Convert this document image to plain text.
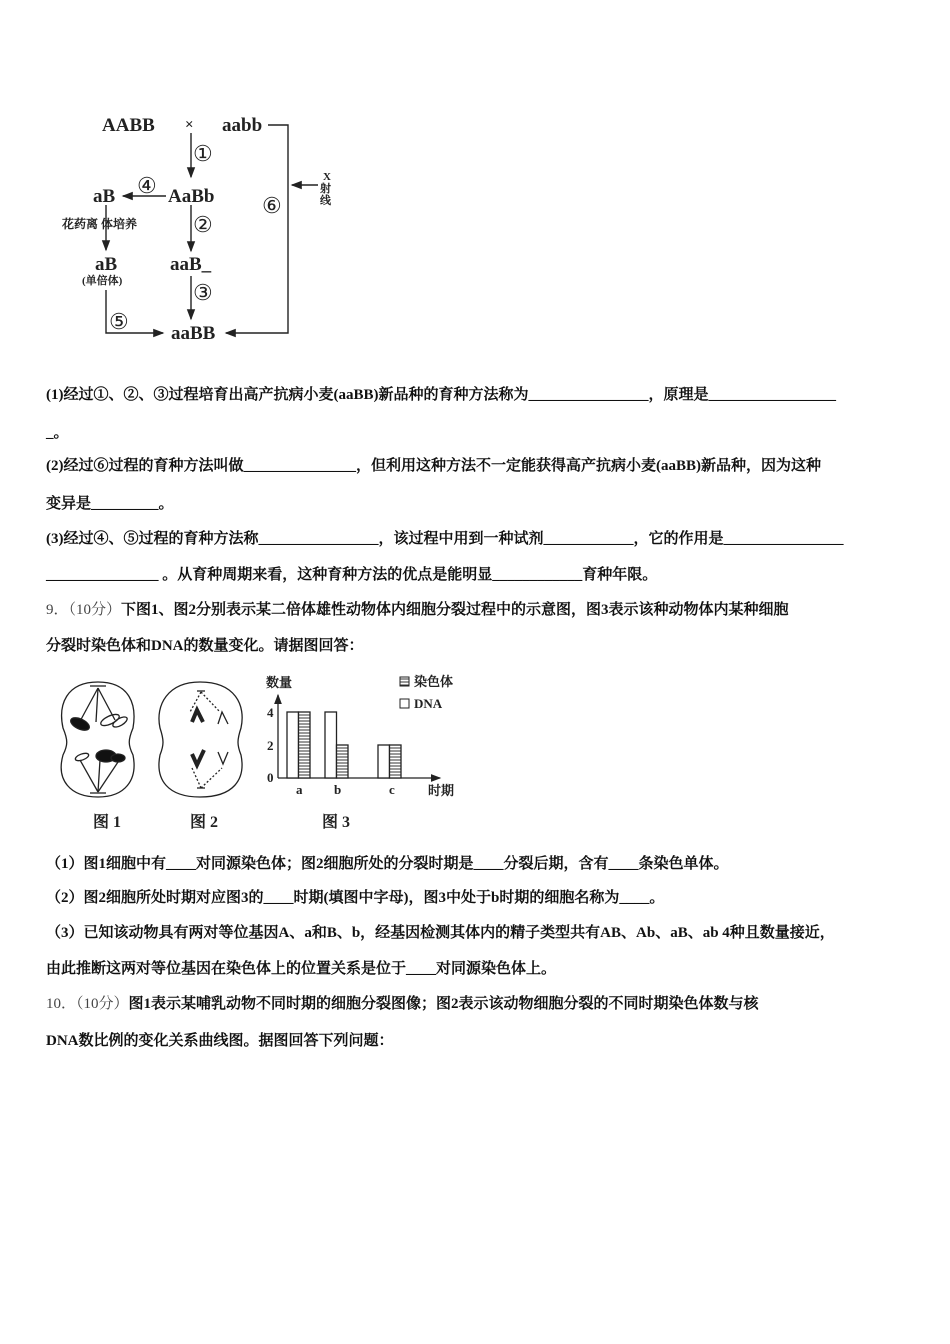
AABB × aabb
AaBb
aB
aaB_
aB
(单倍体)
花药离 体培养
aaBB
X
射
线
①
②
③
④
⑤
⑥
(1)经过①、②、③过程培育出高产抗病小麦(aaBB)新品种的育种方法称为________________，原理是_________________
_。
(2)经过⑥过程的育种方法叫做_______________，但利用这种方法不一定能获得高产抗病小麦(aaBB)新品种，因为这种
变异是_________。
(3)经过④、⑤过程的育种方法称________________，该过程中用到一种试剂____________，它的作用是________________
_______________ 。从育种周期来看，这种育种方法的优点是能明显____________育种年限。
9．（10分）下图1、图2分别表示某二倍体雄性动物体内细胞分裂过程中的示意图，图3表示该种动物体内某种细胞
分裂时染色体和DNA的数量变化。请据图回答：
数量
时期
0
2
4
染色体
DNA
a b	c
图 1	图 2	图 3
（1）图1细胞中有____对同源染色体；图2细胞所处的分裂时期是____分裂后期，含有____条染色单体。
（2）图2细胞所处时期对应图3的____时期(填图中字母)，图3中处于b时期的细胞名称为____。
（3）已知该动物具有两对等位基因A、a和B、b，经基因检测其体内的精子类型共有AB、Ab、aB、ab 4种且数量接近，
由此推断这两对等位基因在染色体上的位置关系是位于____对同源染色体上。
10．（10分）图1表示某哺乳动物不同时期的细胞分裂图像；图2表示该动物细胞分裂的不同时期染色体数与核
DNA数比例的变化关系曲线图。据图回答下列问题：
